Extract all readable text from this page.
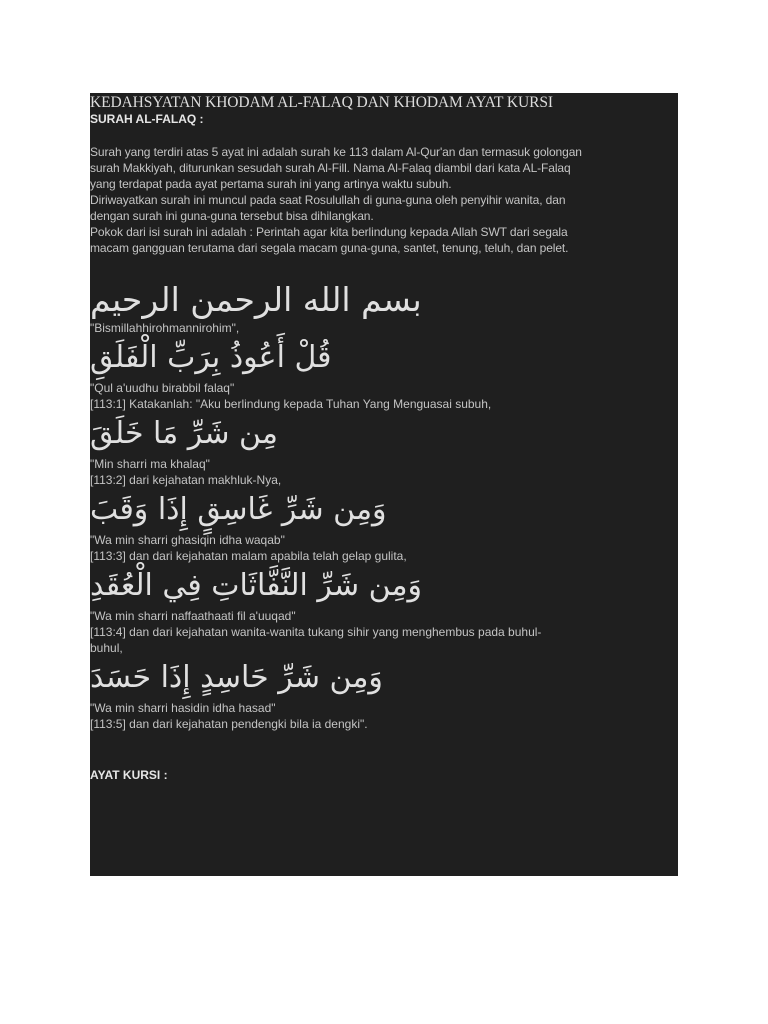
KEDAHSYATAN KHODAM AL-FALAQ DAN KHODAM AYAT KURSI

SURAH AL-FALAQ :

Surah yang terdiri atas 5 ayat ini adalah surah ke 113 dalam Al-Qur'an dan termasuk golongan

surah Makkiyah, diturunkan sesudah surah Al-Fill. Nama Al-Falaq diambil dari kata AL-Falaq

yang terdapat pada ayat pertama surah ini yang artinya waktu subuh.

Diriwayatkan surah ini muncul pada saat Rosulullah di guna-guna oleh penyihir wanita, dan

dengan surah ini guna-guna tersebut bisa dihilangkan.

Pokok dari isi surah ini adalah : Perintah agar kita berlindung kepada Allah SWT dari segala

macam gangguan terutama dari segala macam guna-guna, santet, tenung, teluh, dan pelet.

بسم الله الرحمن الرحيم

"Bismillahhirohmannirohim",

قُلْ أَعُوذُ بِرَبِّ الْفَلَقِ

"Qul a'uudhu birabbil falaq"

[113:1] Katakanlah: "Aku berlindung kepada Tuhan Yang Menguasai subuh,

مِن شَرِّ مَا خَلَقَ

"Min sharri ma khalaq"

[113:2] dari kejahatan makhluk-Nya,

وَمِن شَرِّ غَاسِقٍ إِذَا وَقَبَ

"Wa min sharri ghasiqin idha waqab"

[113:3] dan dari kejahatan malam apabila telah gelap gulita,

وَمِن شَرِّ النَّفَّاثَاتِ فِي الْعُقَدِ

"Wa min sharri naffaathaati fil a'uuqad"

[113:4] dan dari kejahatan wanita-wanita tukang sihir yang menghembus pada buhul-

buhul,

وَمِن شَرِّ حَاسِدٍ إِذَا حَسَدَ

"Wa min sharri hasidin idha hasad"

[113:5] dan dari kejahatan pendengki bila ia dengki".

AYAT KURSI :
